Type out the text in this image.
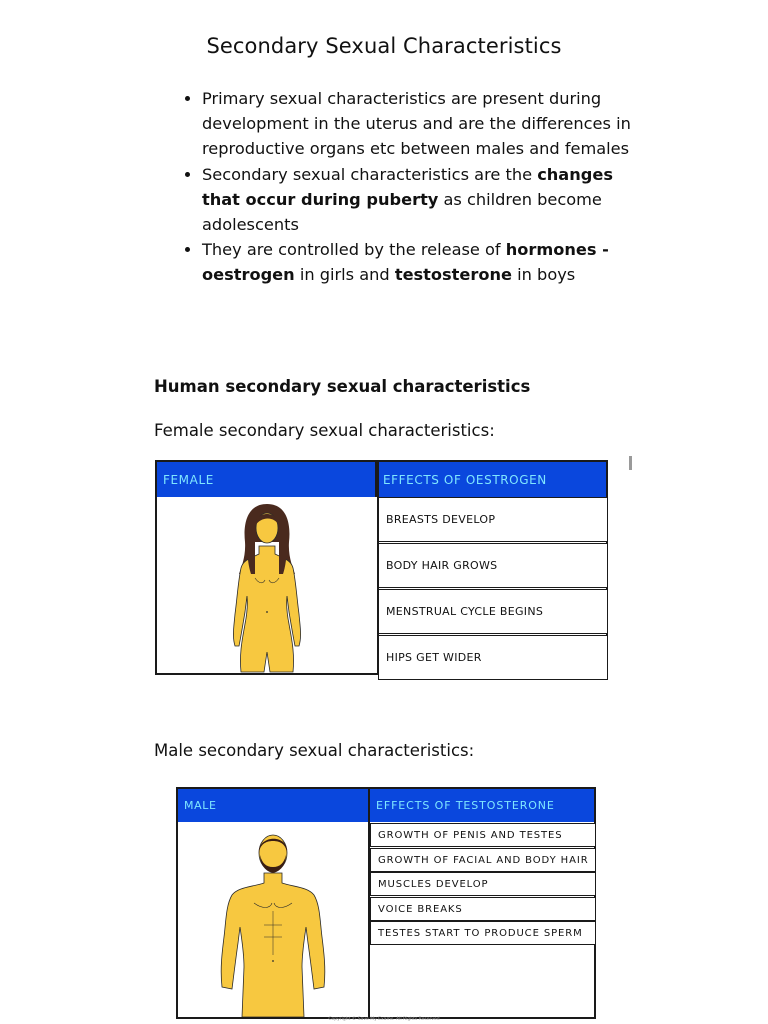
Secondary Sexual Characteristics
• Primary sexual characteristics are present during development in the uterus and are the differences in reproductive organs etc between males and females
• Secondary sexual characteristics are the changes that occur during puberty as children become adolescents
• They are controlled by the release of hormones - oestrogen in girls and testosterone in boys
Human secondary sexual characteristics

Female secondary sexual characteristics:

FEMALE	EFFECTS OF OESTROGEN
BREASTS DEVELOP
BODY HAIR GROWS
MENSTRUAL CYCLE BEGINS
HIPS GET WIDER

Male secondary sexual characteristics:

MALE	EFFECTS OF TESTOSTERONE
GROWTH OF PENIS AND TESTES
GROWTH OF FACIAL AND BODY HAIR
MUSCLES DEVELOP
VOICE BREAKS
TESTES START TO PRODUCE SPERM
Copyright © Save My Exams. All Rights Reserved
